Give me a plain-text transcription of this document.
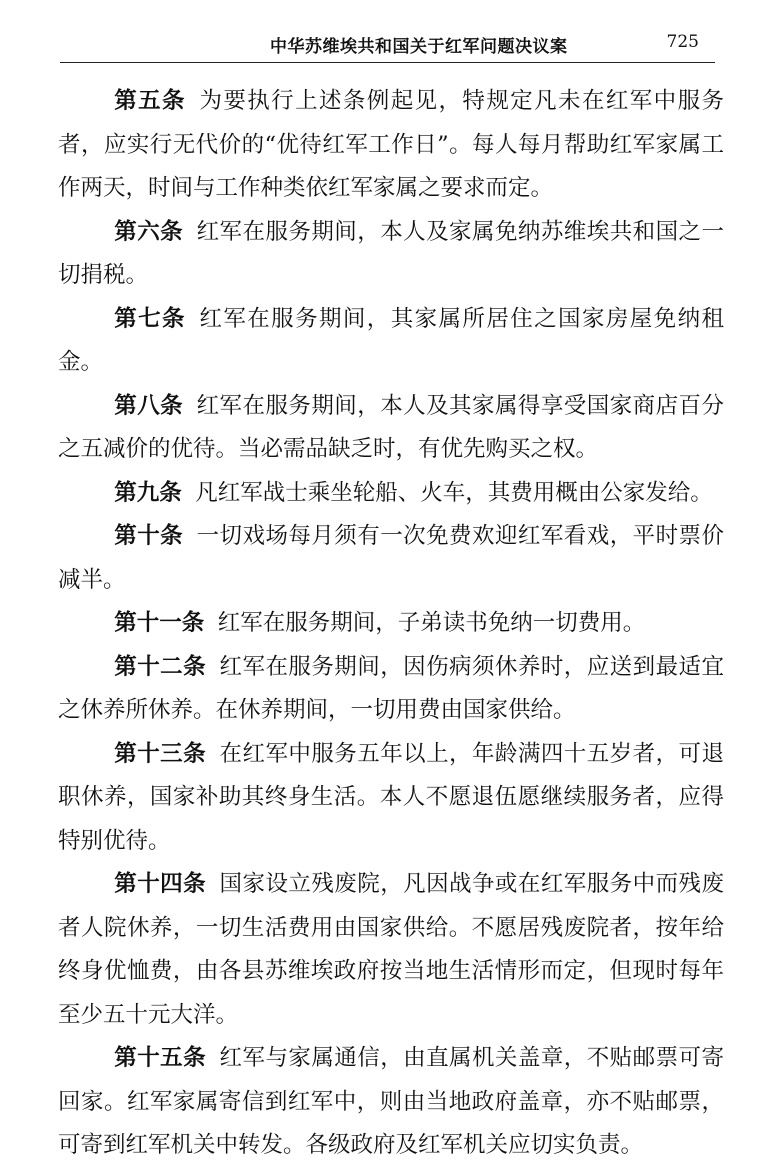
中华苏维埃共和国关于红军问题决议案	725

第五条 为要执行上述条例起见，特规定凡未在红军中服务者，应实行无代价的“优待红军工作日”。每人每月帮助红军家属工作两天，时间与工作种类依红军家属之要求而定。

第六条 红军在服务期间，本人及家属免纳苏维埃共和国之一切捐税。

第七条 红军在服务期间，其家属所居住之国家房屋免纳租金。

第八条 红军在服务期间，本人及其家属得享受国家商店百分之五减价的优待。当必需品缺乏时，有优先购买之权。

第九条 凡红军战士乘坐轮船、火车，其费用概由公家发给。

第十条 一切戏场每月须有一次免费欢迎红军看戏，平时票价减半。

第十一条 红军在服务期间，子弟读书免纳一切费用。

第十二条 红军在服务期间，因伤病须休养时，应送到最适宜之休养所休养。在休养期间，一切用费由国家供给。

第十三条 在红军中服务五年以上，年龄满四十五岁者，可退职休养，国家补助其终身生活。本人不愿退伍愿继续服务者，应得特别优待。

第十四条 国家设立残废院，凡因战争或在红军服务中而残废者人院休养，一切生活费用由国家供给。不愿居残废院者，按年给终身优恤费，由各县苏维埃政府按当地生活情形而定，但现时每年至少五十元大洋。

第十五条 红军与家属通信，由直属机关盖章，不贴邮票可寄回家。红军家属寄信到红军中，则由当地政府盖章，亦不贴邮票，可寄到红军机关中转发。各级政府及红军机关应切实负责。
